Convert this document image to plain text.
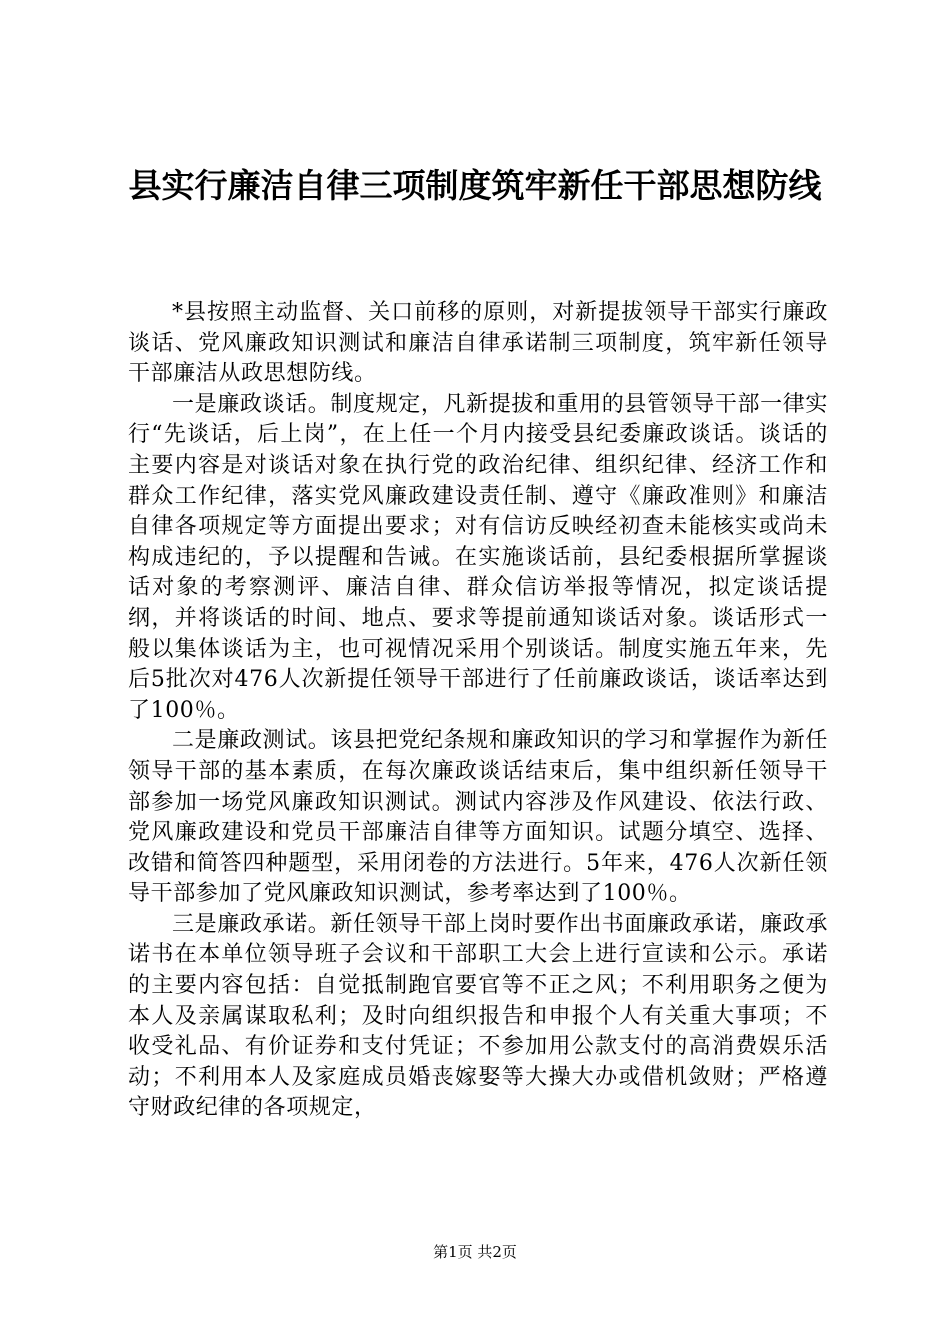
县实行廉洁自律三项制度筑牢新任干部思想防线

*县按照主动监督、关口前移的原则，对新提拔领导干部实行廉政谈话、党风廉政知识测试和廉洁自律承诺制三项制度，筑牢新任领导干部廉洁从政思想防线。

一是廉政谈话。制度规定，凡新提拔和重用的县管领导干部一律实行“先谈话，后上岗”，在上任一个月内接受县纪委廉政谈话。谈话的主要内容是对谈话对象在执行党的政治纪律、组织纪律、经济工作和群众工作纪律，落实党风廉政建设责任制、遵守《廉政准则》和廉洁自律各项规定等方面提出要求；对有信访反映经初查未能核实或尚未构成违纪的，予以提醒和告诫。在实施谈话前，县纪委根据所掌握谈话对象的考察测评、廉洁自律、群众信访举报等情况，拟定谈话提纲，并将谈话的时间、地点、要求等提前通知谈话对象。谈话形式一般以集体谈话为主，也可视情况采用个别谈话。制度实施五年来，先后5批次对476人次新提任领导干部进行了任前廉政谈话，谈话率达到了100％。

二是廉政测试。该县把党纪条规和廉政知识的学习和掌握作为新任领导干部的基本素质，在每次廉政谈话结束后，集中组织新任领导干部参加一场党风廉政知识测试。测试内容涉及作风建设、依法行政、党风廉政建设和党员干部廉洁自律等方面知识。试题分填空、选择、改错和简答四种题型，采用闭卷的方法进行。5年来，476人次新任领导干部参加了党风廉政知识测试，参考率达到了100％。

三是廉政承诺。新任领导干部上岗时要作出书面廉政承诺，廉政承诺书在本单位领导班子会议和干部职工大会上进行宣读和公示。承诺的主要内容包括：自觉抵制跑官要官等不正之风；不利用职务之便为本人及亲属谋取私利；及时向组织报告和申报个人有关重大事项；不收受礼品、有价证券和支付凭证；不参加用公款支付的高消费娱乐活动；不利用本人及家庭成员婚丧嫁娶等大操大办或借机敛财；严格遵守财政纪律的各项规定，

第1页 共2页
